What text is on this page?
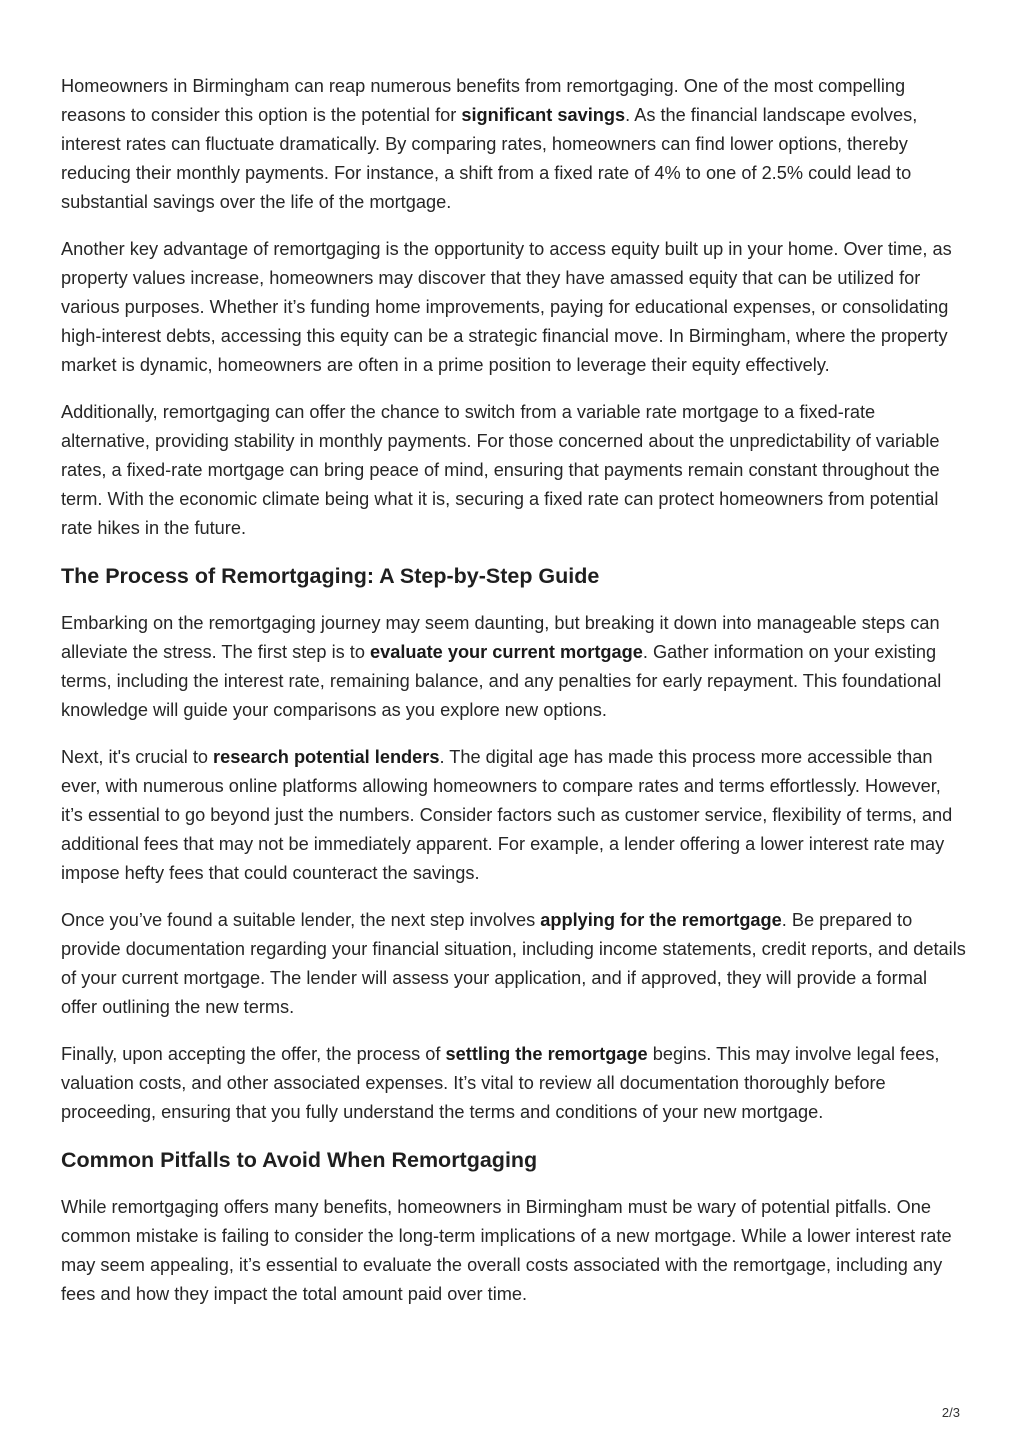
Homeowners in Birmingham can reap numerous benefits from remortgaging. One of the most compelling reasons to consider this option is the potential for significant savings. As the financial landscape evolves, interest rates can fluctuate dramatically. By comparing rates, homeowners can find lower options, thereby reducing their monthly payments. For instance, a shift from a fixed rate of 4% to one of 2.5% could lead to substantial savings over the life of the mortgage.

Another key advantage of remortgaging is the opportunity to access equity built up in your home. Over time, as property values increase, homeowners may discover that they have amassed equity that can be utilized for various purposes. Whether it’s funding home improvements, paying for educational expenses, or consolidating high-interest debts, accessing this equity can be a strategic financial move. In Birmingham, where the property market is dynamic, homeowners are often in a prime position to leverage their equity effectively.

Additionally, remortgaging can offer the chance to switch from a variable rate mortgage to a fixed-rate alternative, providing stability in monthly payments. For those concerned about the unpredictability of variable rates, a fixed-rate mortgage can bring peace of mind, ensuring that payments remain constant throughout the term. With the economic climate being what it is, securing a fixed rate can protect homeowners from potential rate hikes in the future.

The Process of Remortgaging: A Step-by-Step Guide

Embarking on the remortgaging journey may seem daunting, but breaking it down into manageable steps can alleviate the stress. The first step is to evaluate your current mortgage. Gather information on your existing terms, including the interest rate, remaining balance, and any penalties for early repayment. This foundational knowledge will guide your comparisons as you explore new options.

Next, it's crucial to research potential lenders. The digital age has made this process more accessible than ever, with numerous online platforms allowing homeowners to compare rates and terms effortlessly. However, it’s essential to go beyond just the numbers. Consider factors such as customer service, flexibility of terms, and additional fees that may not be immediately apparent. For example, a lender offering a lower interest rate may impose hefty fees that could counteract the savings.

Once you’ve found a suitable lender, the next step involves applying for the remortgage. Be prepared to provide documentation regarding your financial situation, including income statements, credit reports, and details of your current mortgage. The lender will assess your application, and if approved, they will provide a formal offer outlining the new terms.

Finally, upon accepting the offer, the process of settling the remortgage begins. This may involve legal fees, valuation costs, and other associated expenses. It’s vital to review all documentation thoroughly before proceeding, ensuring that you fully understand the terms and conditions of your new mortgage.

Common Pitfalls to Avoid When Remortgaging

While remortgaging offers many benefits, homeowners in Birmingham must be wary of potential pitfalls. One common mistake is failing to consider the long-term implications of a new mortgage. While a lower interest rate may seem appealing, it’s essential to evaluate the overall costs associated with the remortgage, including any fees and how they impact the total amount paid over time.

2/3
